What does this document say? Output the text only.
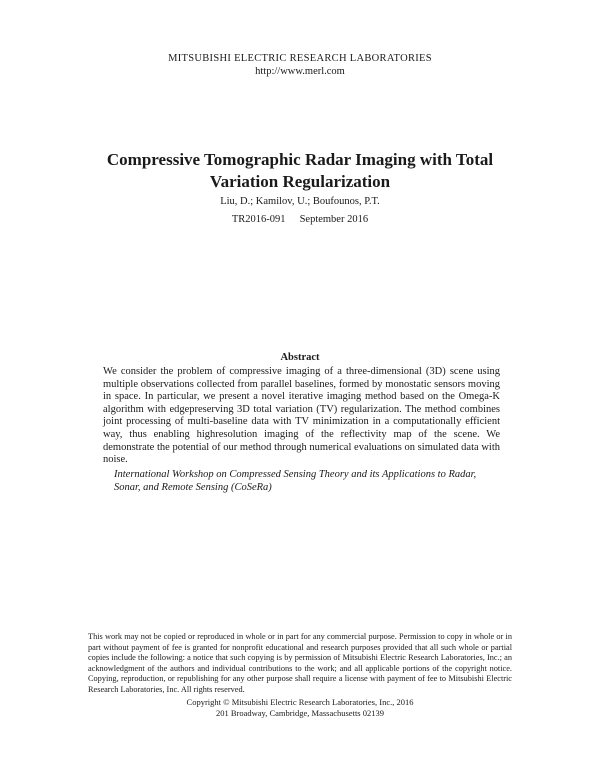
MITSUBISHI ELECTRIC RESEARCH LABORATORIES
http://www.merl.com
Compressive Tomographic Radar Imaging with Total
Variation Regularization
Liu, D.; Kamilov, U.; Boufounos, P.T.
TR2016-091 September 2016
Abstract
We consider the problem of compressive imaging of a three-dimensional (3D) scene using multiple observations collected from parallel baselines, formed by monostatic sensors moving in space. In particular, we present a novel iterative imaging method based on the Omega-K algorithm with edgepreserving 3D total variation (TV) regularization. The method combines joint processing of multi-baseline data with TV minimization in a computationally efficient way, thus enabling highresolution imaging of the reflectivity map of the scene. We demonstrate the potential of our method through numerical evaluations on simulated data with noise.
International Workshop on Compressed Sensing Theory and its Applications to Radar, Sonar, and Remote Sensing (CoSeRa)
This work may not be copied or reproduced in whole or in part for any commercial purpose. Permission to copy in whole or in part without payment of fee is granted for nonprofit educational and research purposes provided that all such whole or partial copies include the following: a notice that such copying is by permission of Mitsubishi Electric Research Laboratories, Inc.; an acknowledgment of the authors and individual contributions to the work; and all applicable portions of the copyright notice. Copying, reproduction, or republishing for any other purpose shall require a license with payment of fee to Mitsubishi Electric Research Laboratories, Inc. All rights reserved.
Copyright © Mitsubishi Electric Research Laboratories, Inc., 2016
201 Broadway, Cambridge, Massachusetts 02139
